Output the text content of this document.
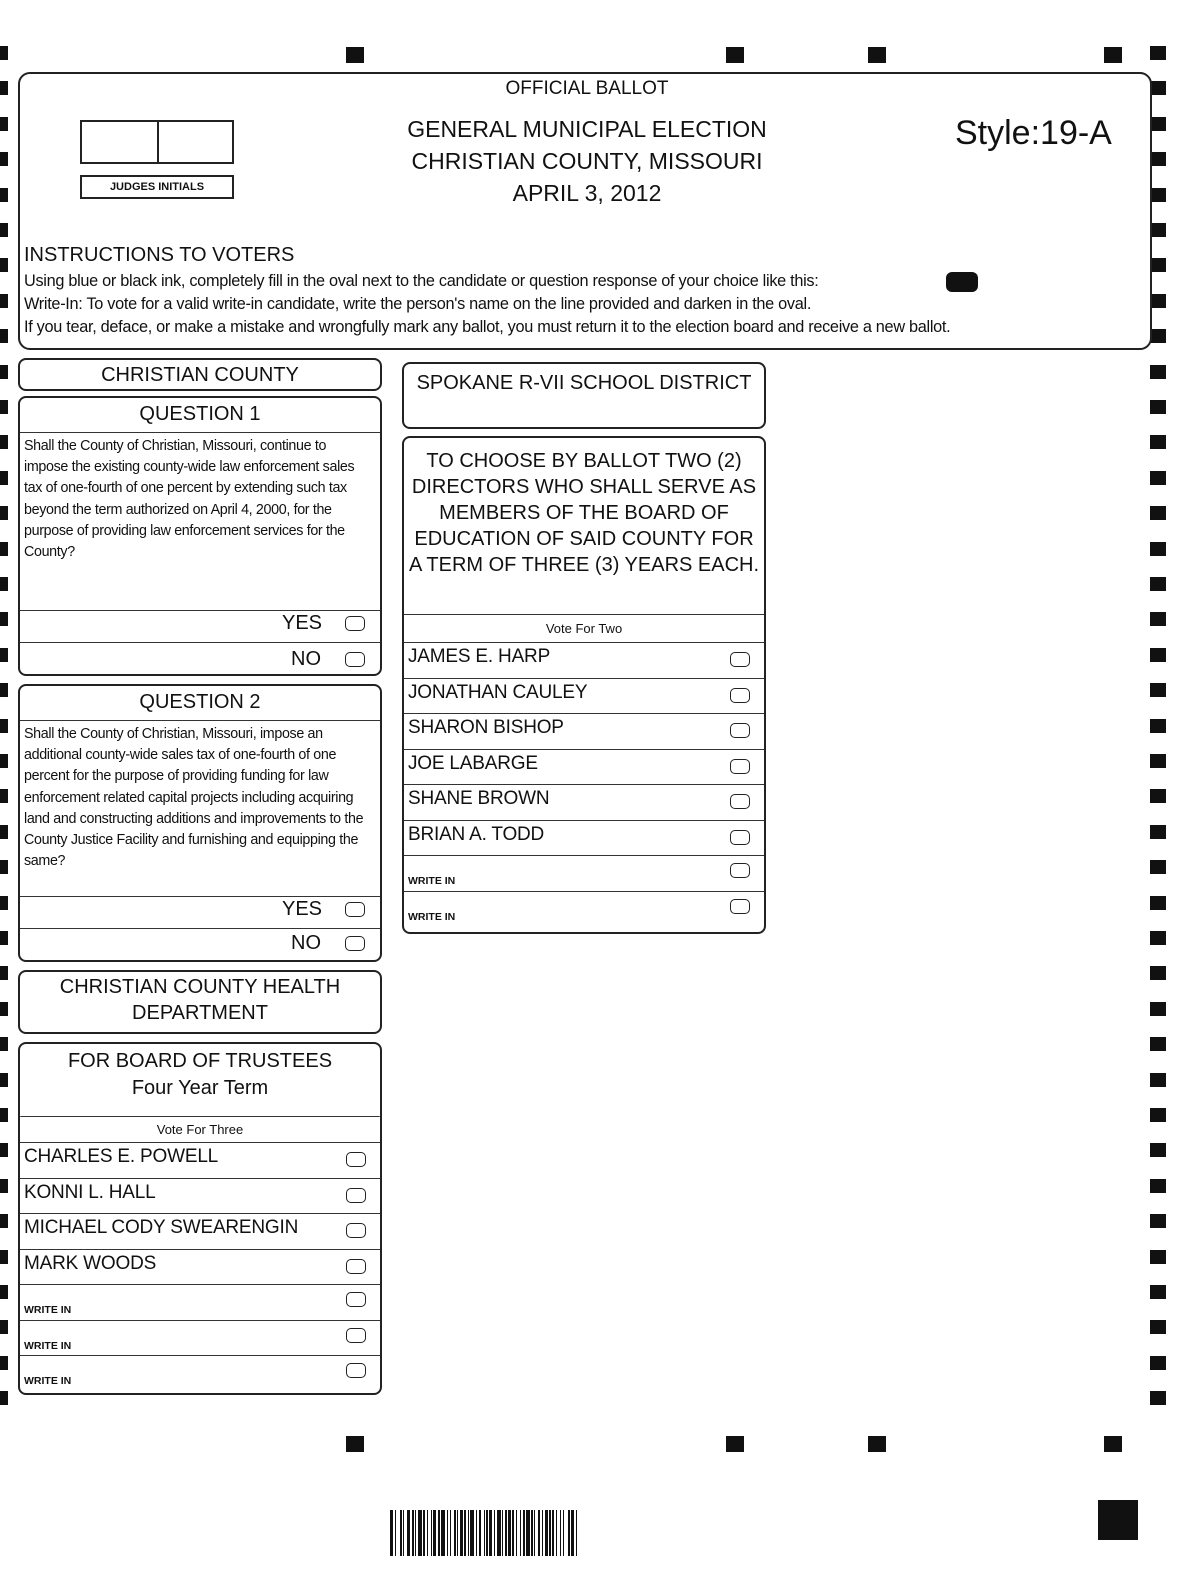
OFFICIAL BALLOT
GENERAL MUNICIPAL ELECTION
CHRISTIAN COUNTY, MISSOURI
APRIL 3, 2012
Style:19-A
JUDGES INITIALS
INSTRUCTIONS TO VOTERS
Using blue or black ink, completely fill in the oval next to the candidate or question response of your choice like this:
Write-In: To vote for a valid write-in candidate, write the person's name on the line provided and darken in the oval.
If you tear, deface, or make a mistake and wrongfully mark any ballot, you must return it to the election board and receive a new ballot.
CHRISTIAN COUNTY
QUESTION 1
Shall the County of Christian, Missouri, continue to impose the existing county-wide law enforcement sales tax of one-fourth of one percent by extending such tax beyond the term authorized on April 4, 2000, for the purpose of providing law enforcement services for the County?
YES
NO
QUESTION 2
Shall the County of Christian, Missouri, impose an additional county-wide sales tax of one-fourth of one percent for the purpose of providing funding for law enforcement related capital projects including acquiring land and constructing additions and improvements to the County Justice Facility and furnishing and equipping the same?
YES
NO
CHRISTIAN COUNTY HEALTH
DEPARTMENT
FOR BOARD OF TRUSTEES
Four Year Term
Vote For Three
CHARLES E. POWELL
KONNI L. HALL
MICHAEL CODY SWEARENGIN
MARK WOODS
WRITE IN
WRITE IN
WRITE IN
SPOKANE R-VII SCHOOL DISTRICT
TO CHOOSE BY BALLOT TWO (2)
DIRECTORS WHO SHALL SERVE AS
MEMBERS OF THE BOARD OF
EDUCATION OF SAID COUNTY FOR
A TERM OF THREE (3) YEARS EACH.
Vote For Two
JAMES E. HARP
JONATHAN CAULEY
SHARON BISHOP
JOE LABARGE
SHANE BROWN
BRIAN A. TODD
WRITE IN
WRITE IN
